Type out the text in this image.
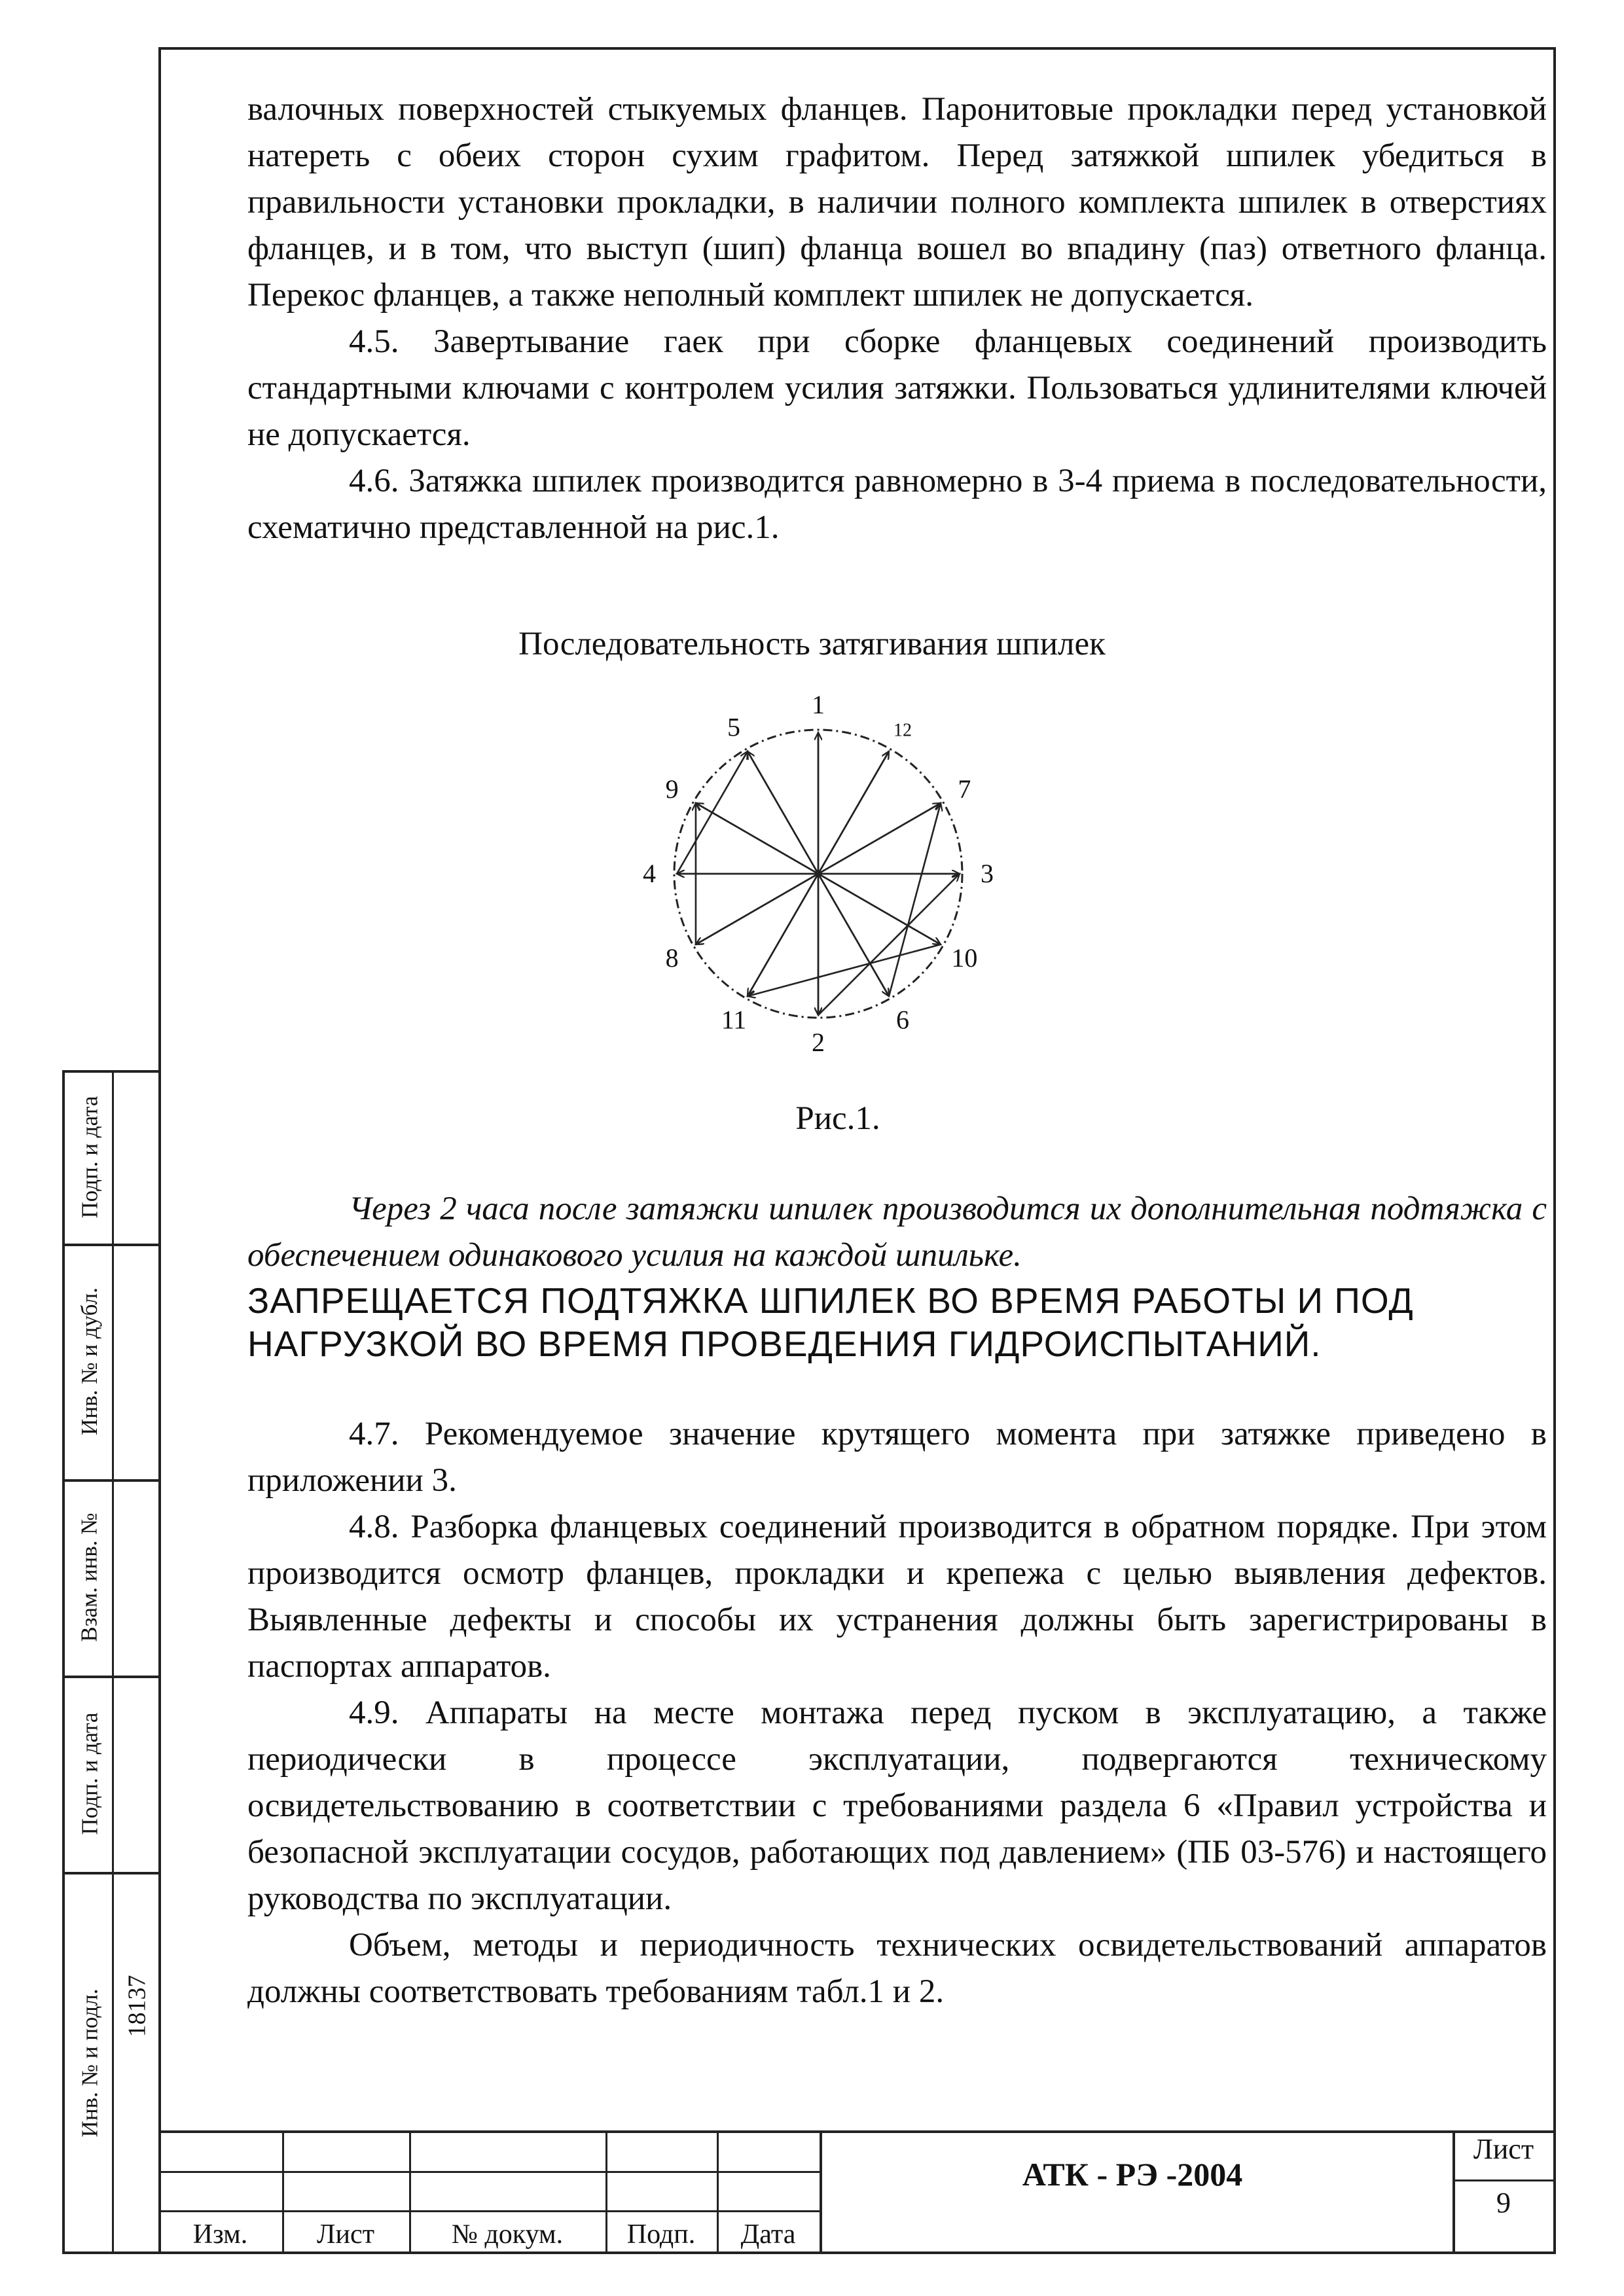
валочных поверхностей стыкуемых фланцев. Паронитовые прокладки перед установкой натереть с обеих сторон сухим графитом. Перед затяжкой шпилек убедиться в правильности установки прокладки, в наличии полного комплекта шпилек в отверстиях фланцев, и в том, что выступ (шип) фланца вошел во впадину (паз) ответного фланца. Перекос фланцев, а также неполный комплект шпилек не допускается.

4.5. Завертывание гаек при сборке фланцевых соединений производить стандартными ключами с контролем усилия затяжки. Пользоваться удлинителями ключей не допускается.

4.6. Затяжка шпилек производится равномерно в 3-4 приема в последовательности, схематично представленной на рис.1.

Последовательность затягивания шпилек
1
2
3
4
5
6
7
8
9
10
11
12
Рис.1.

Через 2 часа после затяжки шпилек производится их дополнительная подтяжка с обеспечением одинакового усилия на каждой шпильке.

ЗАПРЕЩАЕТСЯ ПОДТЯЖКА ШПИЛЕК ВО ВРЕМЯ РАБОТЫ И ПОД НАГРУЗКОЙ ВО ВРЕМЯ ПРОВЕДЕНИЯ ГИДРОИСПЫТАНИЙ.

4.7. Рекомендуемое значение крутящего момента при затяжке приведено в приложении 3.

4.8. Разборка фланцевых соединений производится в обратном порядке. При этом производится осмотр фланцев, прокладки и крепежа с целью выявления дефектов. Выявленные дефекты и способы их устранения должны быть зарегистрированы в паспортах аппаратов.

4.9. Аппараты на месте монтажа перед пуском в эксплуатацию, а также периодически в процессе эксплуатации, подвергаются техническому освидетельствованию в соответствии с требованиями раздела 6 «Правил устройства и безопасной эксплуатации сосудов, работающих под давлением» (ПБ 03-576) и настоящего руководства по эксплуатации.

Объем, методы и периодичность технических освидетельствований аппаратов должны соответствовать требованиям табл.1 и 2.

Подп. и дата
Инв. № и дубл.
Взам. инв. №
Подп. и дата
Инв. № и подл. 18137
Изм.	Лист	№ докум.	Подп.	Дата
АТК - РЭ -2004
Лист
9
